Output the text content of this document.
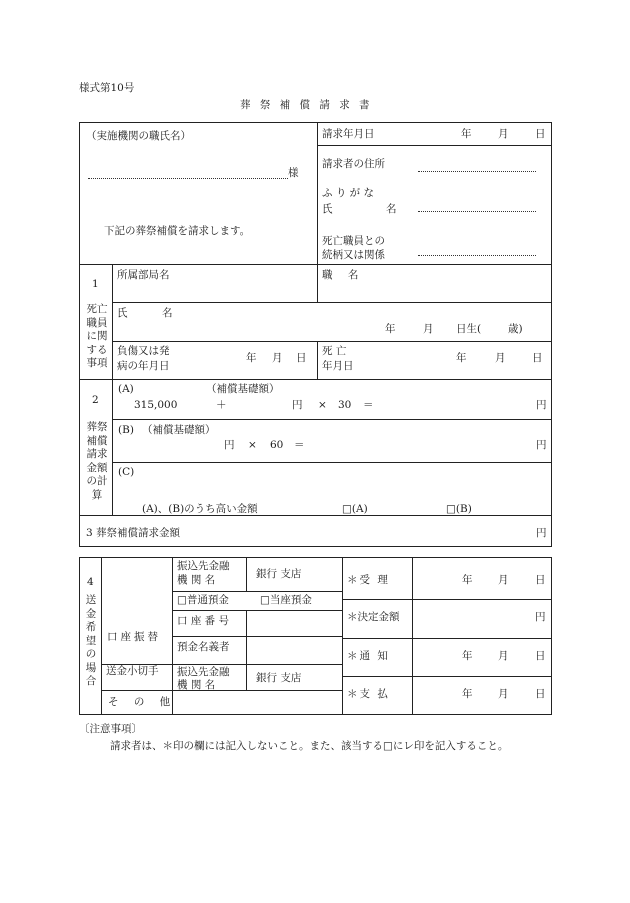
様式第10号
葬 祭 補 償 請 求 書
（実施機関の職氏名）
様
下記の葬祭補償を請求します。
請求年月日	年	月	日
請求者の住所
ふ り が な
氏	名
死亡職員との
続柄又は関係
1
死亡職員に関する事項
所属部局名	職 名
氏	名
年	月 日生(	歳)
負傷又は発
病の年月日
年 月 日
死 亡
年月日
年	月	日
2
葬祭補償請求金額の計算
(A)	（補償基礎額）
315,000	＋	円 × 30 ＝	円
(B) （補償基礎額）
円 × 60 ＝	円
(C)
(A)、(B)のうち高い金額	□(A)	□(B)
3 葬祭補償請求金額	円
4
送金希望の場合
口座振替
送金小切手
そ の 他
振込先金融
機 関 名	銀行 支店
□普通預金	□当座預金
口 座 番 号
預金名義者
振込先金融
機 関 名
銀行 支店
＊受 理	年 月	日
＊決定金額	円
＊通 知	年 月	日
＊支 払	年 月	日
〔注意事項〕
請求者は、＊印の欄には記入しないこと。また、該当する□にレ印を記入すること。
